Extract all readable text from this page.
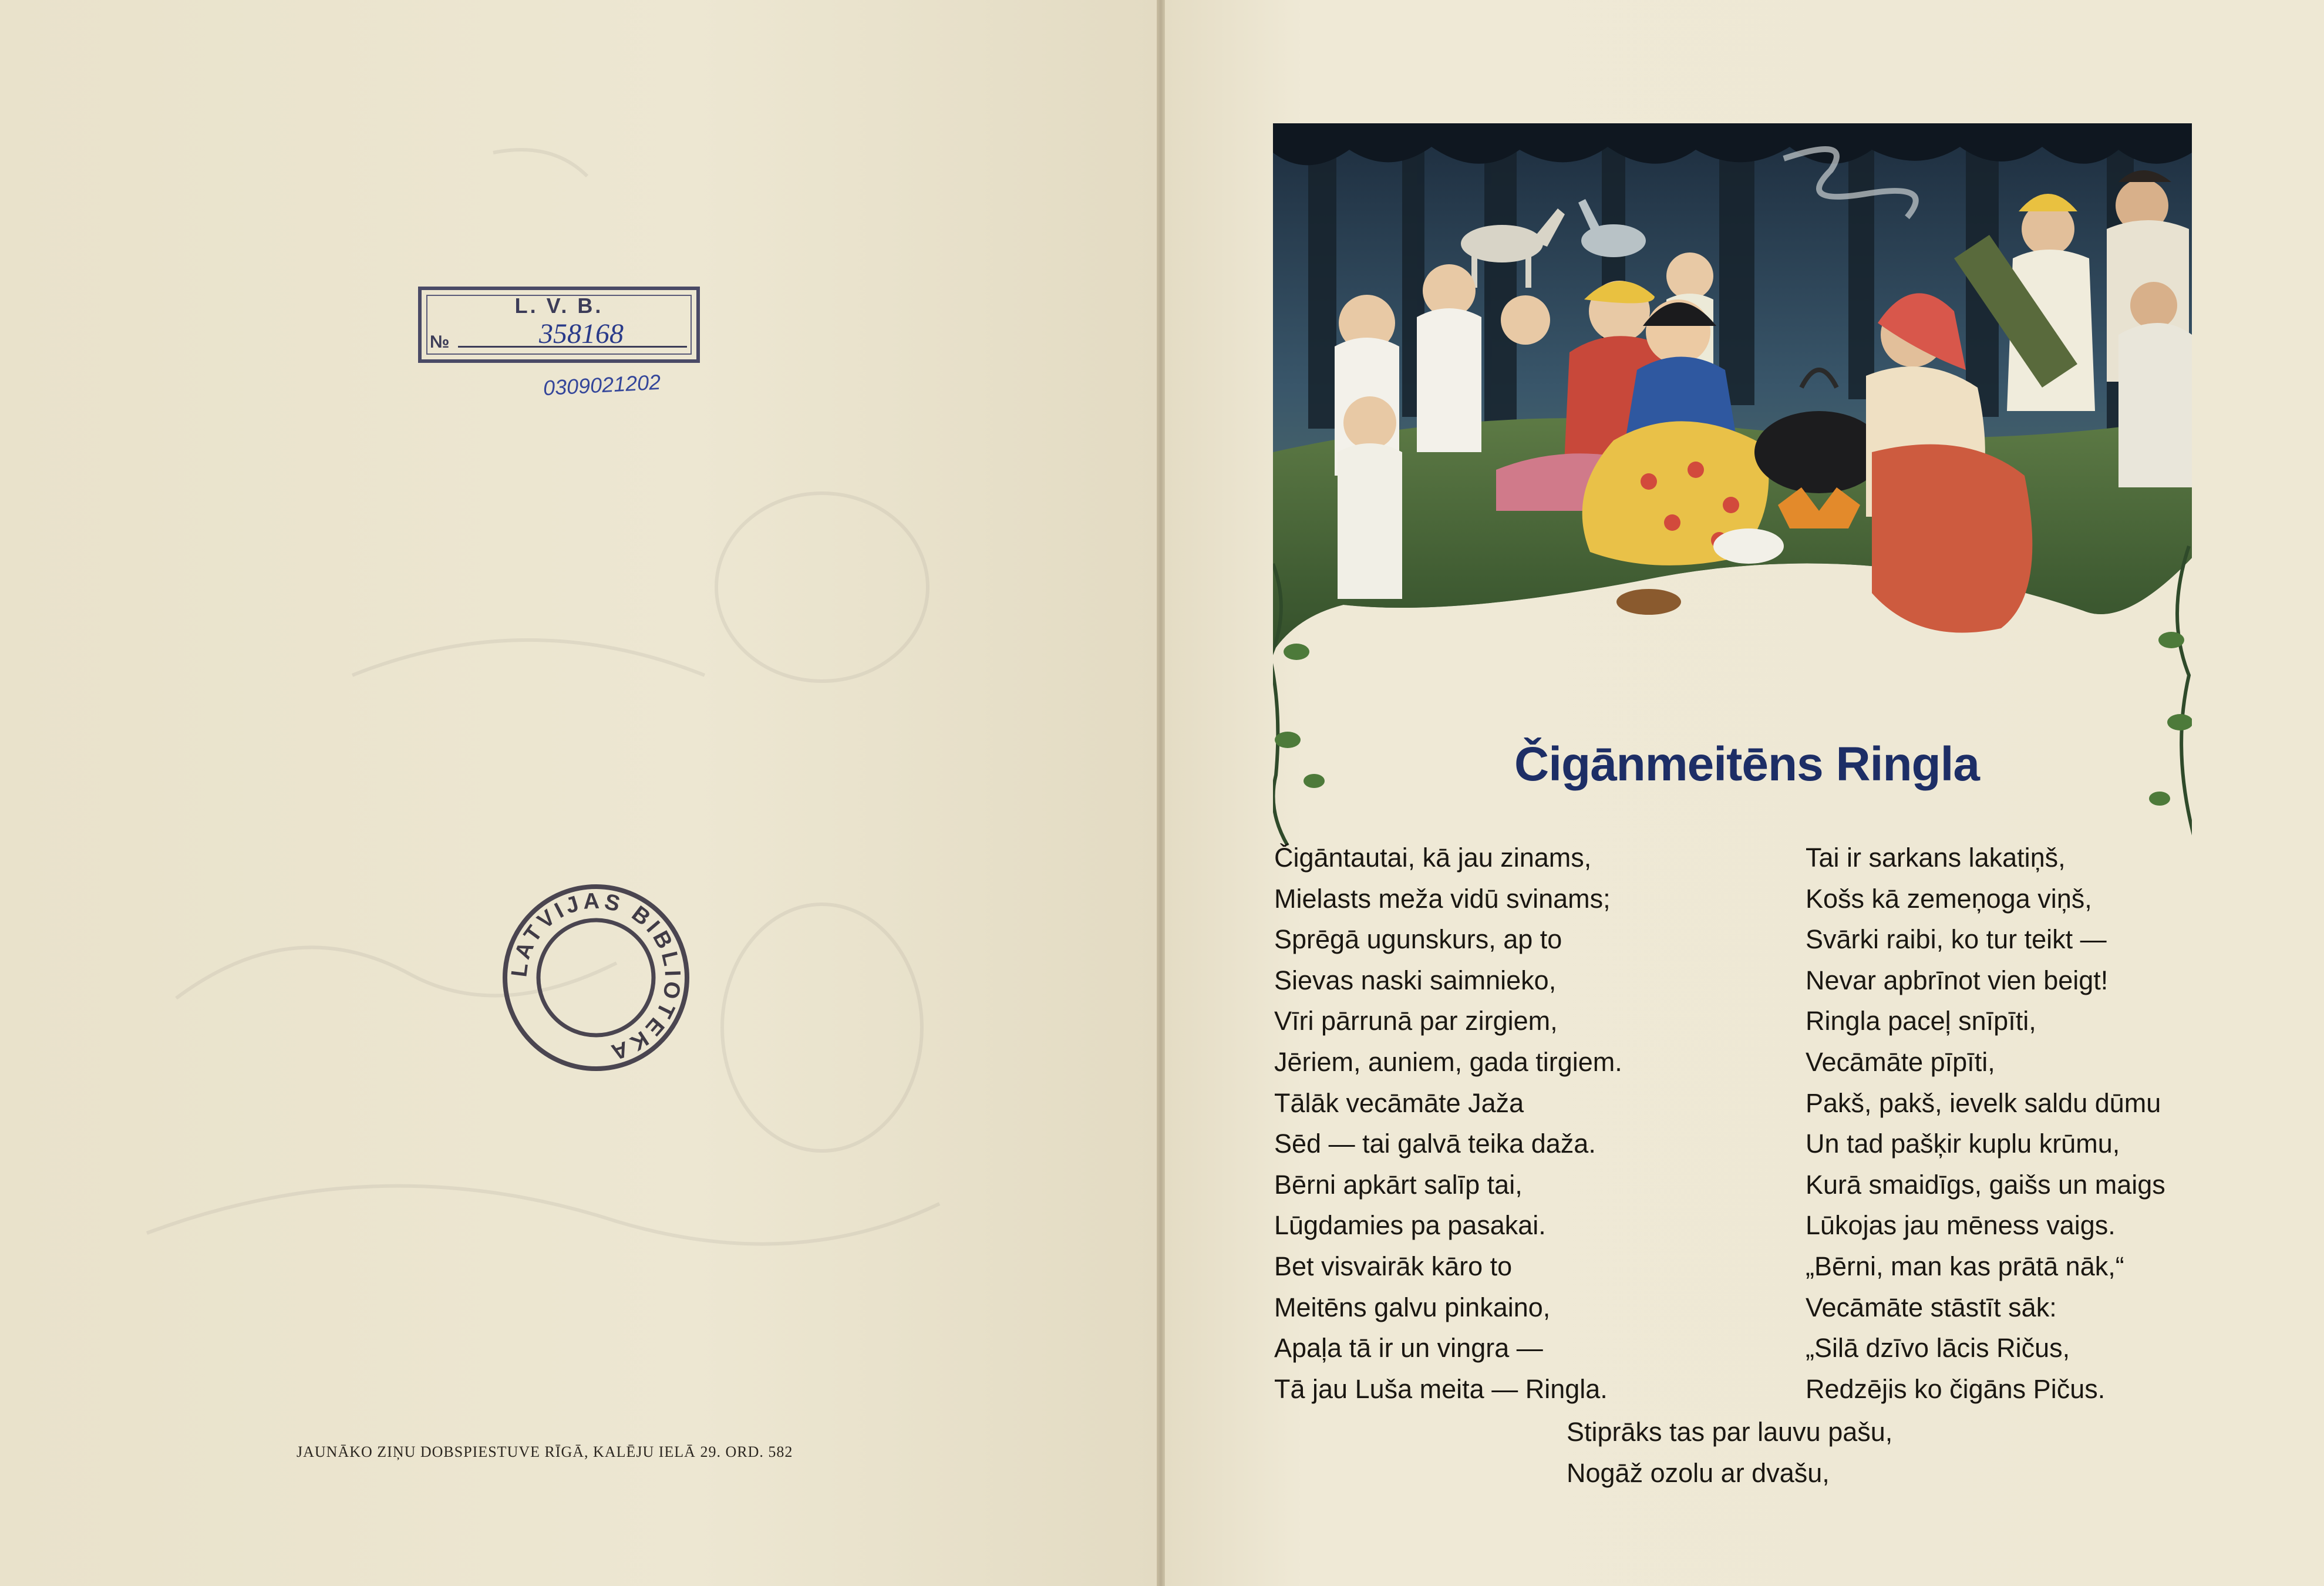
L. V. B.
№	358168
0309021202
LATVIJAS BIBLIOTEKA
JAUNĀKO ZIŅU DOBSPIESTUVE RĪGĀ, KALĒJU IELĀ 29. ORD. 582
Čigānmeitēns Ringla
Čigāntautai, kā jau zinams,
Mielasts meža vidū svinams;
Sprēgā ugunskurs, ap to
Sievas naski saimnieko,
Vīri pārrunā par zirgiem,
Jēriem, auniem, gada tirgiem.
Tālāk vecāmāte Jaža
Sēd — tai galvā teika daža.
Bērni apkārt salīp tai,
Lūgdamies pa pasakai.
Bet visvairāk kāro to
Meitēns galvu pinkaino,
Apaļa tā ir un vingra —
Tā jau Luša meita — Ringla.
Tai ir sarkans lakatiņš,
Košs kā zemeņoga viņš,
Svārki raibi, ko tur teikt —
Nevar apbrīnot vien beigt!
Ringla paceļ snīpīti,
Vecāmāte pīpīti,
Pakš, pakš, ievelk saldu dūmu
Un tad pašķir kuplu krūmu,
Kurā smaidīgs, gaišs un maigs
Lūkojas jau mēness vaigs.
„Bērni, man kas prātā nāk,“
Vecāmāte stāstīt sāk:
„Silā dzīvo lācis Ričus,
Redzējis ko čigāns Pičus.
Stiprāks tas par lauvu pašu,
Nogāž ozolu ar dvašu,
